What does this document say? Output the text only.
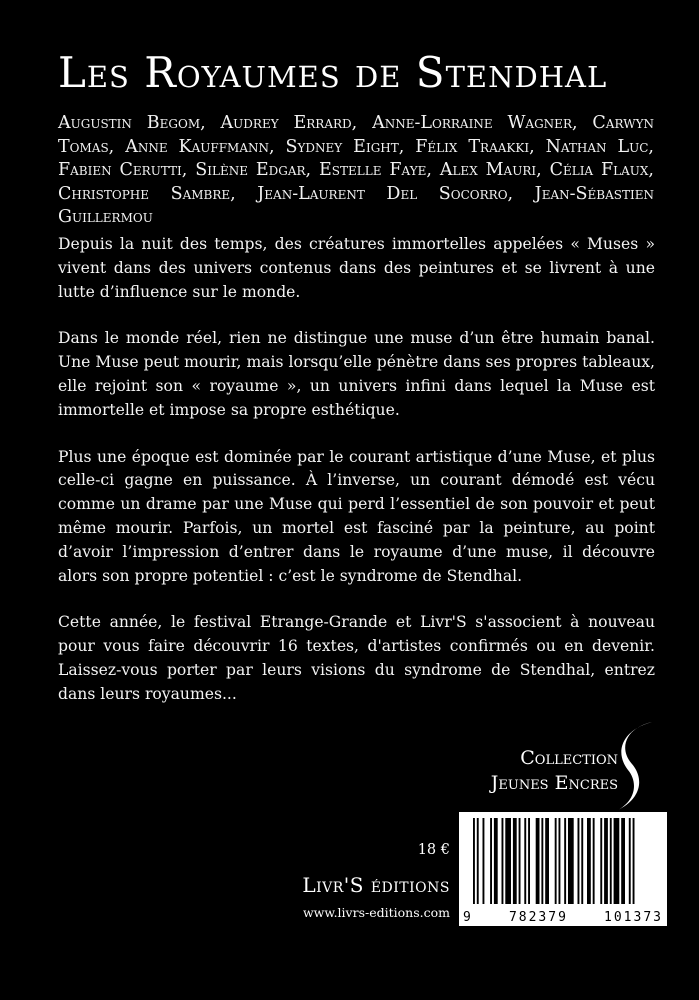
Les Royaumes de Stendhal
Augustin Begom, Audrey Errard, Anne-Lorraine Wagner, Carwyn Tomas, Anne Kauffmann, Sydney Eight, Félix Traakki, Nathan Luc, Fabien Cerutti, Silène Edgar, Estelle Faye, Alex Mauri, Célia Flaux, Christophe Sambre, Jean-Laurent Del Socorro, Jean-Sébastien Guillermou

Depuis la nuit des temps, des créatures immortelles appelées « Muses » vivent dans des univers contenus dans des peintures et se livrent à une lutte d’influence sur le monde.

Dans le monde réel, rien ne distingue une muse d’un être humain banal. Une Muse peut mourir, mais lorsqu’elle pénètre dans ses propres tableaux, elle rejoint son « royaume », un univers infini dans lequel la Muse est immortelle et impose sa propre esthétique.

Plus une époque est dominée par le courant artistique d’une Muse, et plus celle-ci gagne en puissance. À l’inverse, un courant démodé est vécu comme un drame par une Muse qui perd l’essentiel de son pouvoir et peut même mourir. Parfois, un mortel est fasciné par la peinture, au point d’avoir l’impression d’entrer dans le royaume d’une muse, il découvre alors son propre potentiel : c’est le syndrome de Stendhal.

Cette année, le festival Etrange-Grande et Livr'S s'associent à nouveau pour vous faire découvrir 16 textes, d'artistes confirmés ou en devenir. Laissez-vous porter par leurs visions du syndrome de Stendhal, entrez dans leurs royaumes...

Collection
Jeunes Encres
18 €
Livr'S éditions
www.livrs-editions.com 9	782379	101373
